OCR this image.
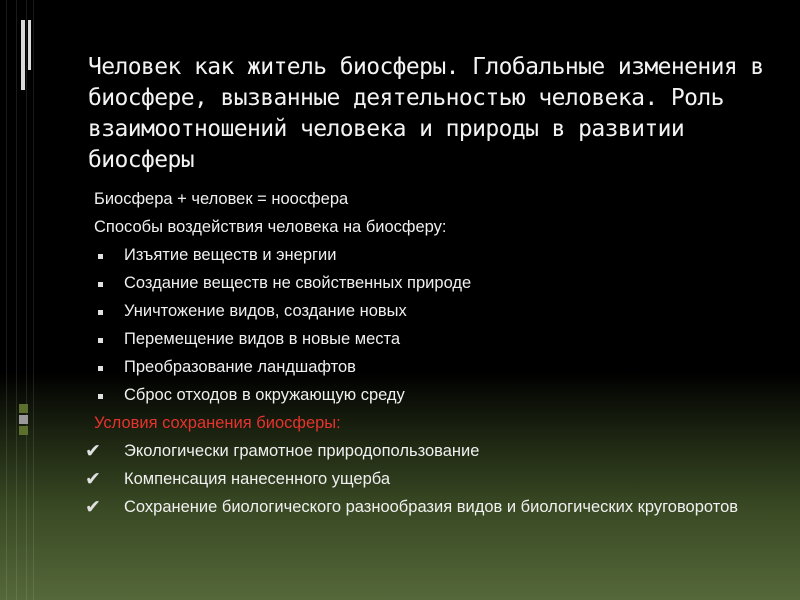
Человек как житель биосферы. Глобальные изменения в биосфере, вызванные деятельностью человека. Роль взаимоотношений человека и природы в развитии биосферы
Биосфера + человек = ноосфера
Способы воздействия человека на биосферу:
Изъятие веществ и энергии
Создание веществ не свойственных природе
Уничтожение видов, создание новых
Перемещение видов в новые места
Преобразование ландшафтов
Сброс отходов в окружающую среду
Условия сохранения биосферы:
✔ Экологически грамотное природопользование
✔ Компенсация нанесенного ущерба
✔ Сохранение биологического разнообразия видов и биологических круговоротов
